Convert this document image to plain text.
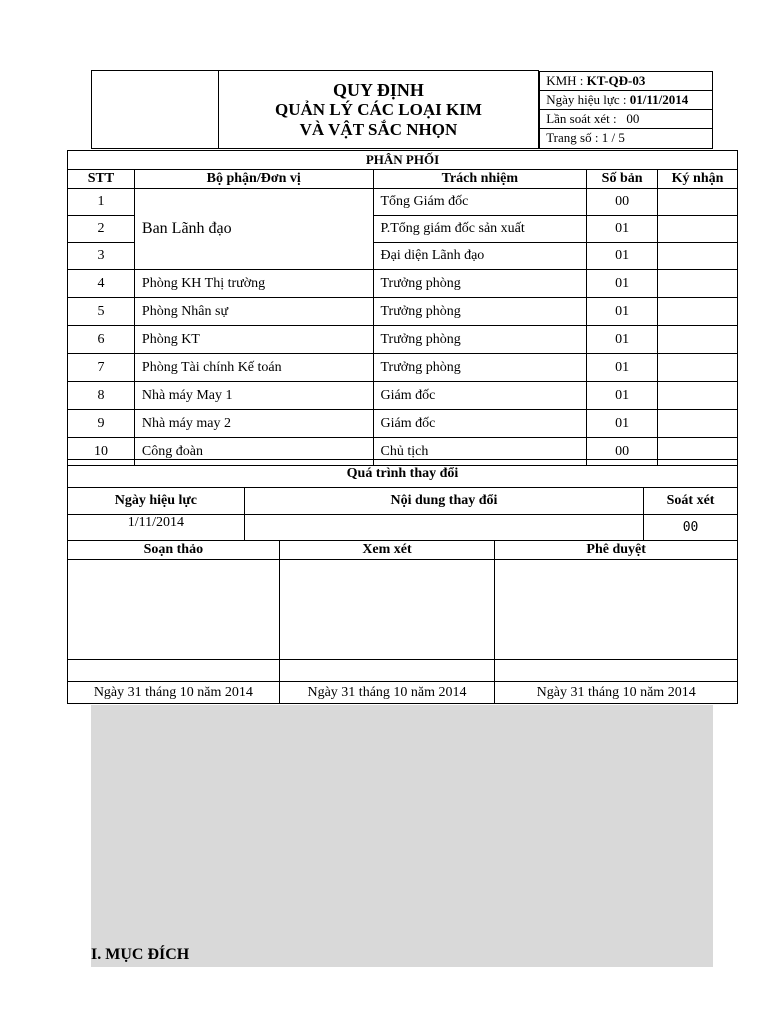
QUY ĐỊNH
QUẢN LÝ CÁC LOẠI KIM
VÀ VẬT SẮC NHỌN

KMH : KT-QĐ-03
Ngày hiệu lực : 01/11/2014
Lần soát xét : 00
Trang số : 1 / 5
PHÂN PHỐI				
STT	Bộ phận/Đơn vị	Trách nhiệm	Số bản	Ký nhận
1	Ban Lãnh đạo	Tổng Giám đốc	00	
2		P.Tổng giám đốc sản xuất	01	
3		Đại diện Lãnh đạo	01	
4	Phòng KH Thị trường	Trưởng phòng	01	
5	Phòng Nhân sự	Trưởng phòng	01	
6	Phòng KT	Trưởng phòng	01	
7	Phòng Tài chính Kế toán	Trưởng phòng	01	
8	Nhà máy May 1	Giám đốc	01	
9	Nhà máy may 2	Giám đốc	01	
10	Công đoàn	Chủ tịch	00	
Quá trình thay đổi		
Ngày hiệu lực	Nội dung thay đổi	Soát xét
1/11/2014		00
Soạn thảo	Xem xét	Phê duyệt

Ngày 31 tháng 10 năm 2014	Ngày 31 tháng 10 năm 2014	Ngày 31 tháng 10 năm 2014
I. MỤC ĐÍCH
